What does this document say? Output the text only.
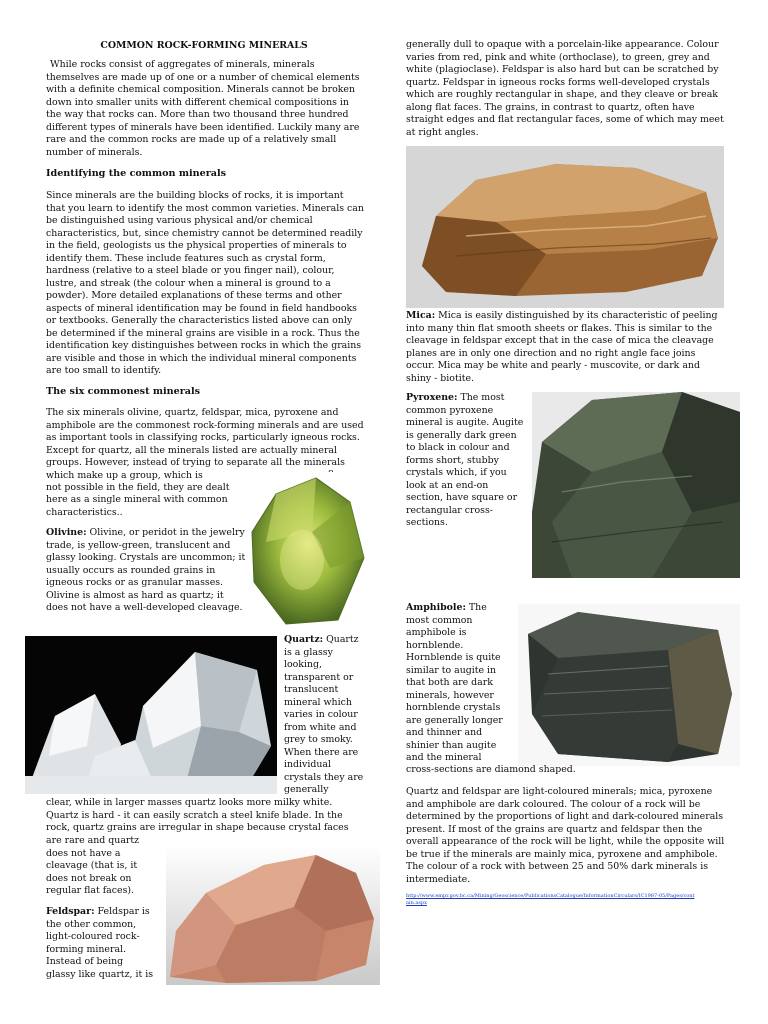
COMMON ROCK-FORMING MINERALS

While rocks consist of aggregates of minerals, minerals themselves are made up of one or a number of chemical elements with a definite chemical composition. Minerals cannot be broken down into smaller units with different chemical compositions in the way that rocks can. More than two thousand three hundred different types of minerals have been identified. Luckily many are rare and the common rocks are made up of a relatively small number of minerals.

Identifying the common minerals

Since minerals are the building blocks of rocks, it is important that you learn to identify the most common varieties. Minerals can be distinguished using various physical and/or chemical characteristics, but, since chemistry cannot be determined readily in the field, geologists us the physical properties of minerals to identify them. These include features such as crystal form, hardness (relative to a steel blade or you finger nail), colour, lustre, and streak (the colour when a mineral is ground to a powder). More detailed explanations of these terms and other aspects of mineral identification may be found in field handbooks or textbooks. Generally the characteristics listed above can only be determined if the mineral grains are visible in a rock. Thus the identification key distinguishes between rocks in which the grains are visible and those in which the individual mineral components are too small to identify.

The six commonest minerals

The six minerals olivine, quartz, feldspar, mica, pyroxene and amphibole are the commonest rock-forming minerals and are used as important tools in classifying rocks, particularly igneous rocks. Except for quartz, all the minerals listed are actually mineral groups. However, instead of trying to separate all the minerals which make up a group, which is

not possible in the field, they are dealt

here as a single mineral with common characteristics..

Olivine: Olivine, or peridot in the jewelry trade, is yellow-green, translucent and glassy looking. Crystals are uncommon; it usually occurs as rounded grains in igneous rocks or as granular masses. Olivine is almost as hard as quartz; it does not have a well-developed cleavage.

Quartz: Quartz is a glassy looking, transparent or translucent mineral which varies in colour from white and grey to smoky. When there are individual crystals they are generally

clear, while in larger masses quartz looks more milky white. Quartz is hard - it can easily scratch a steel knife blade. In the rock, quartz grains are irregular in shape because crystal faces

are rare and quartz does not have a cleavage (that is, it does not break on regular flat faces).

Feldspar: Feldspar is the other common, light-coloured rock-forming mineral. Instead of being glassy like quartz, it is

generally dull to opaque with a porcelain-like appearance. Colour varies from red, pink and white (orthoclase), to green, grey and white (plagioclase). Feldspar is also hard but can be scratched by quartz. Feldspar in igneous rocks forms well-developed crystals which are roughly rectangular in shape, and they cleave or break along flat faces. The grains, in contrast to quartz, often have straight edges and flat rectangular faces, some of which may meet at right angles.

Mica: Mica is easily distinguished by its characteristic of peeling into many thin flat smooth sheets or flakes. This is similar to the cleavage in feldspar except that in the case of mica the cleavage planes are in only one direction and no right angle face joins occur. Mica may be white and pearly - muscovite, or dark and shiny - biotite.

Pyroxene: The most common pyroxene mineral is augite. Augite is generally dark green to black in colour and forms short, stubby crystals which, if you look at an end-on section, have square or rectangular cross-sections.

Amphibole: The most common amphibole is hornblende. Hornblende is quite similar to augite in that both are dark minerals, however hornblende crystals are generally longer and thinner and shinier than augite and the mineral

cross-sections are diamond shaped.

Quartz and feldspar are light-coloured minerals; mica, pyroxene and amphibole are dark coloured. The colour of a rock will be determined by the proportions of light and dark-coloured minerals present. If most of the grains are quartz and feldspar then the overall appearance of the rock will be light, while the opposite will be true if the minerals are mainly mica, pyroxene and amphibole. The colour of a rock with between 25 and 50% dark minerals is intermediate.

http://www.empr.gov.bc.ca/Mining/Geoscience/PublicationsCatalogue/InformationCirculars/IC1987-05/Pages/contain.aspx
